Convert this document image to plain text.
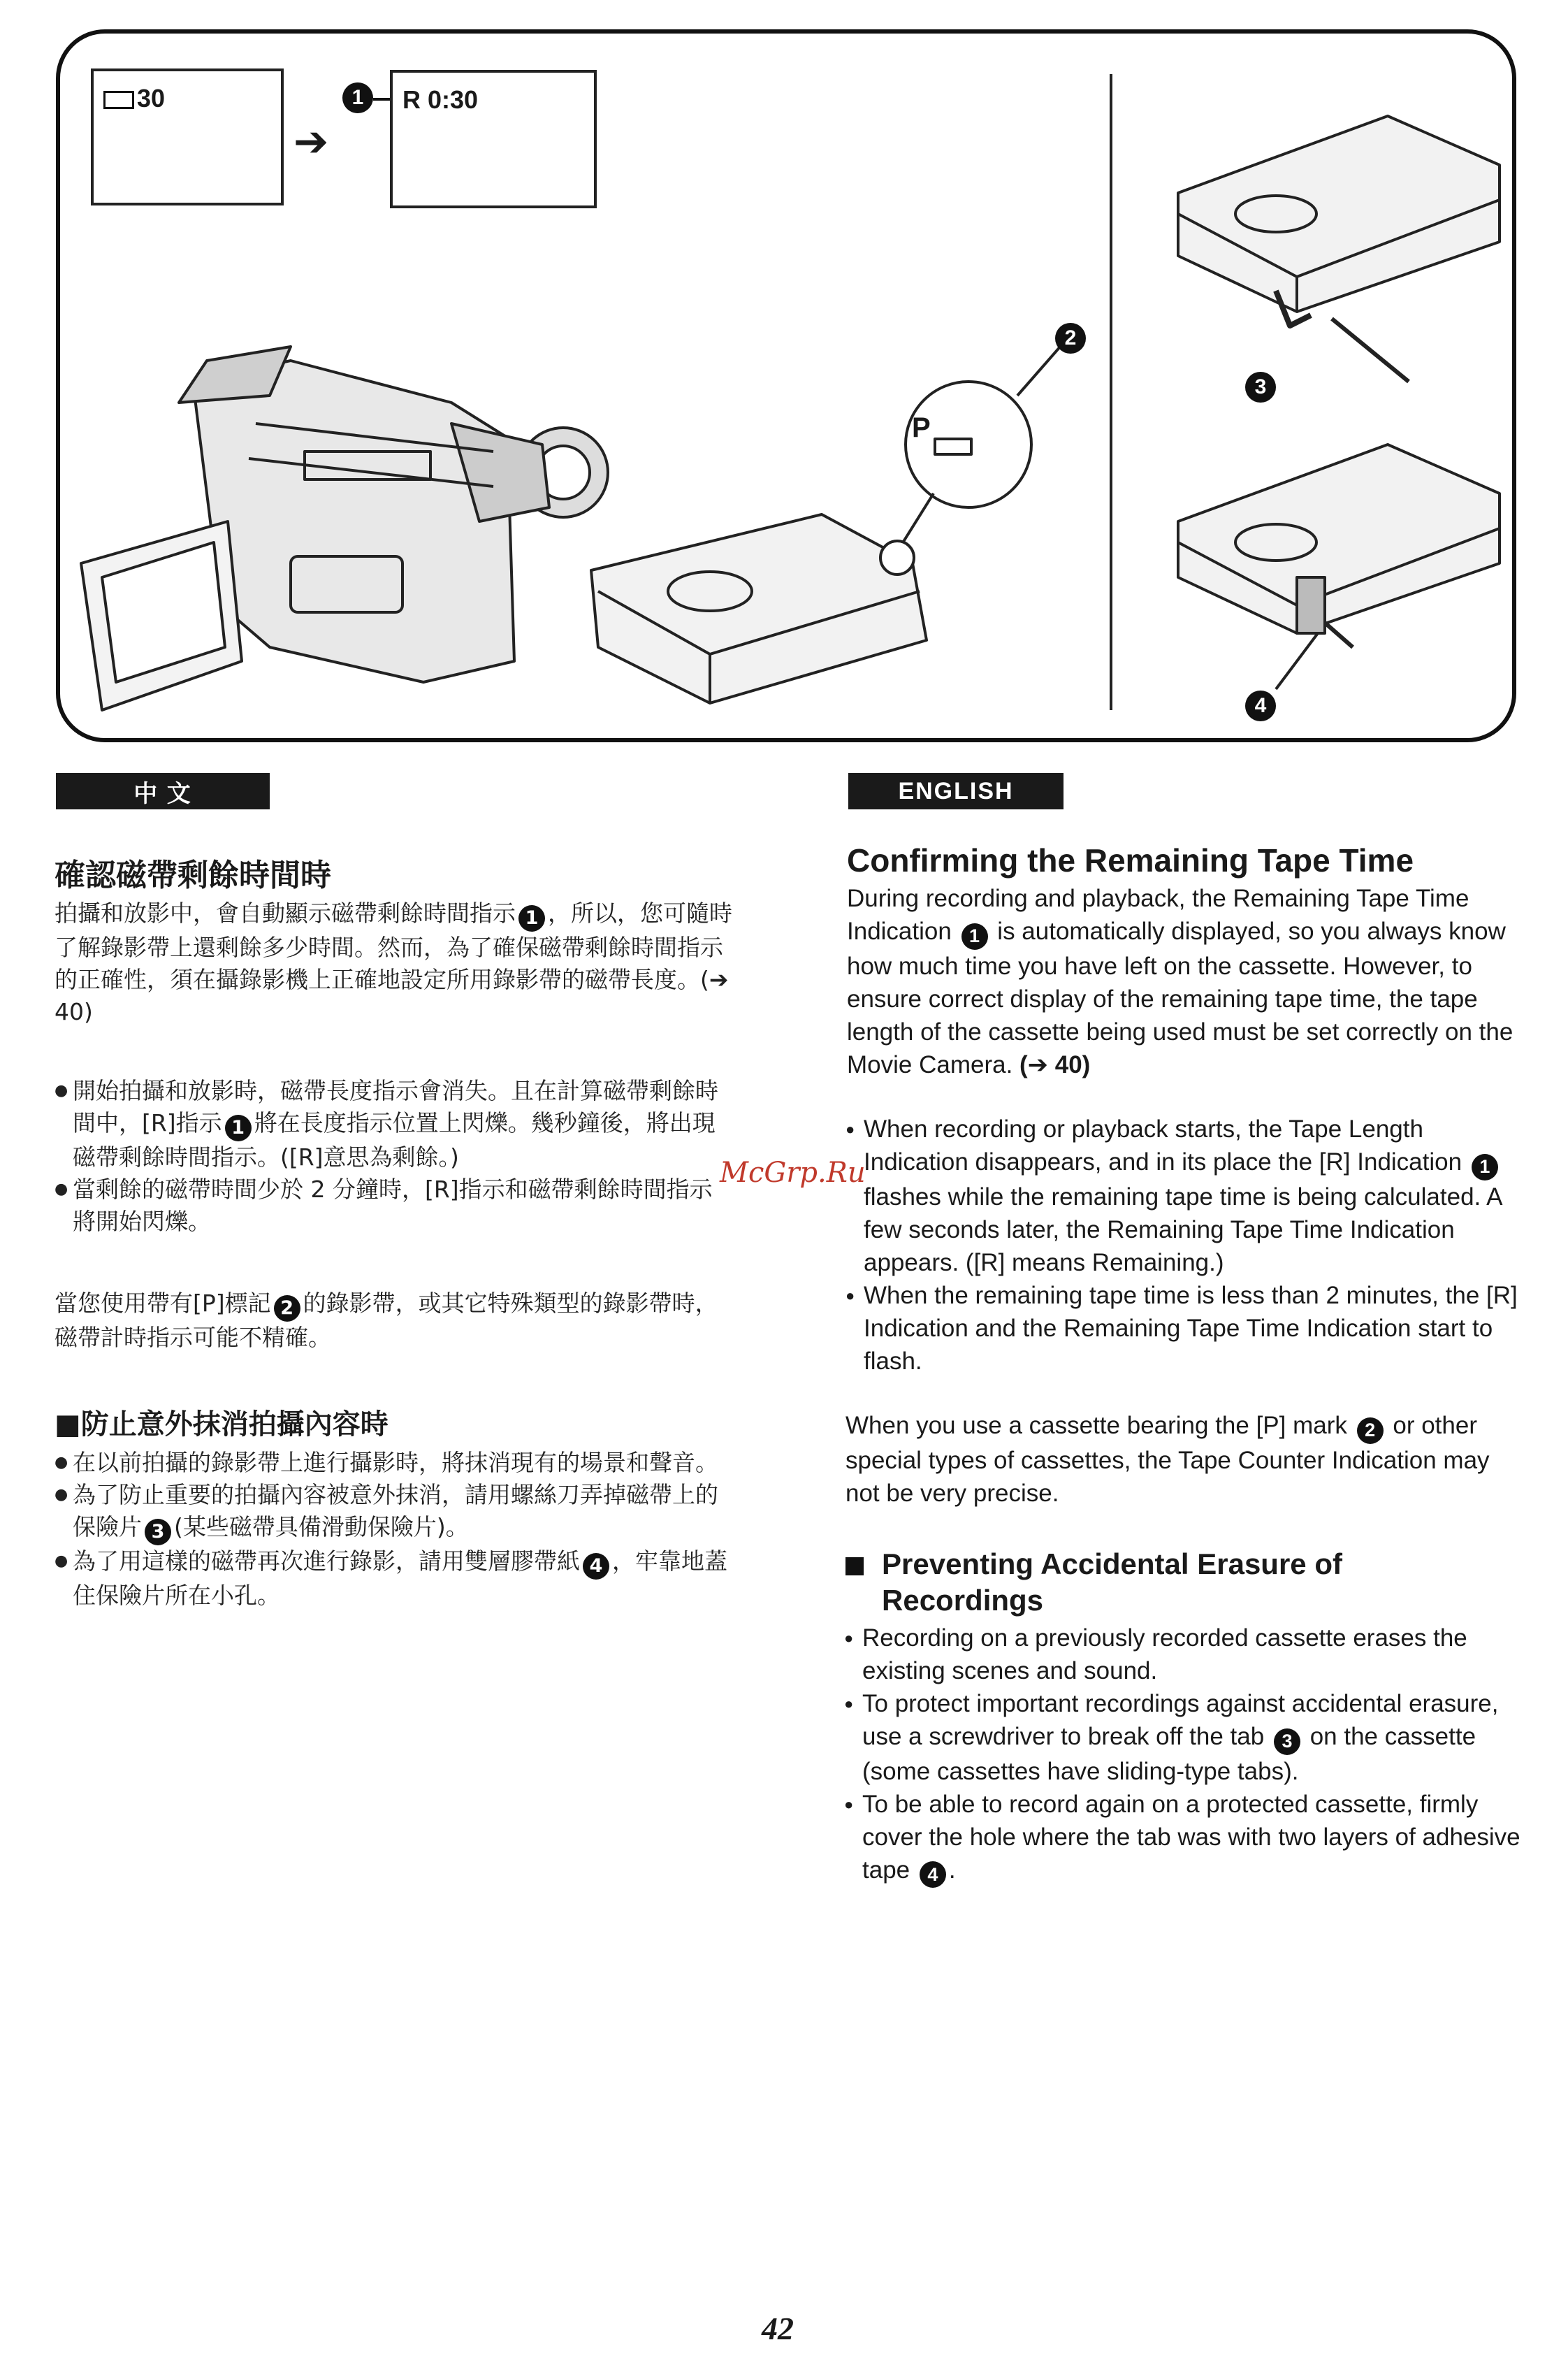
30
➔
1	R 0:30
P
2
3
4
中 文	ENGLISH
確認磁帶剩餘時間時
拍攝和放影中，會自動顯示磁帶剩餘時間指示 1 ，所以，您可隨時了解錄影帶上還剩餘多少時間。然而，為了確保磁帶剩餘時間指示的正確性，須在攝錄影機上正確地設定所用錄影帶的磁帶長度。(➔ 40)
● 開始拍攝和放影時，磁帶長度指示會消失。且在計算磁帶剩餘時間中，[R]指示 1 將在長度指示位置上閃爍。幾秒鐘後，將出現磁帶剩餘時間指示。([R]意思為剩餘。)
● 當剩餘的磁帶時間少於 2 分鐘時，[R]指示和磁帶剩餘時間指示將開始閃爍。
當您使用帶有[P]標記 2 的錄影帶，或其它特殊類型的錄影帶時，磁帶計時指示可能不精確。
■防止意外抹消拍攝內容時
● 在以前拍攝的錄影帶上進行攝影時，將抹消現有的場景和聲音。
● 為了防止重要的拍攝內容被意外抹消，請用螺絲刀弄掉磁帶上的保險片 3 (某些磁帶具備滑動保險片)。
● 為了用這樣的磁帶再次進行錄影，請用雙層膠帶紙 4 ，牢靠地蓋住保險片所在小孔。
Confirming the Remaining Tape Time
During recording and playback, the Remaining Tape Time Indication 1 is automatically displayed, so you always know how much time you have left on the cassette. However, to ensure correct display of the remaining tape time, the tape length of the cassette being used must be set correctly on the Movie Camera. (➔ 40)
● When recording or playback starts, the Tape Length Indication disappears, and in its place the [R] Indication 1 flashes while the remaining tape time is being calculated. A few seconds later, the Remaining Tape Time Indication appears. ([R] means Remaining.)
● When the remaining tape time is less than 2 minutes, the [R] Indication and the Remaining Tape Time Indication start to flash.
When you use a cassette bearing the [P] mark 2 or other special types of cassettes, the Tape Counter Indication may not be very precise.
Preventing Accidental Erasure of Recordings
● Recording on a previously recorded cassette erases the existing scenes and sound.
● To protect important recordings against accidental erasure, use a screwdriver to break off the tab 3 on the cassette (some cassettes have sliding-type tabs).
● To be able to record again on a protected cassette, firmly cover the hole where the tab was with two layers of adhesive tape 4 .
McGrp.Ru
42
